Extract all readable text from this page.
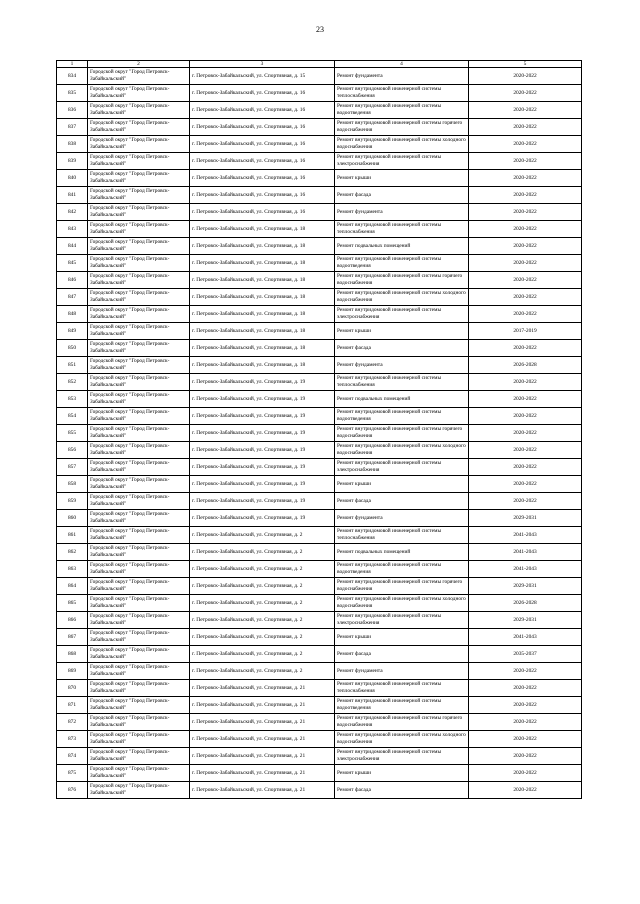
23
1	2	3	4	5
834	Городской округ "Город Петровск-Забайкальский"	г. Петровск-Забайкальский, ул. Спортивная, д. 15	Ремонт фундамента	2020-2022
835	Городской округ "Город Петровск-Забайкальский"	г. Петровск-Забайкальский, ул. Спортивная, д. 16	Ремонт внутридомовой инженерной системы теплоснабжения	2020-2022
836	Городской округ "Город Петровск-Забайкальский"	г. Петровск-Забайкальский, ул. Спортивная, д. 16	Ремонт внутридомовой инженерной системы водоотведения	2020-2022
837	Городской округ "Город Петровск-Забайкальский"	г. Петровск-Забайкальский, ул. Спортивная, д. 16	Ремонт внутридомовой инженерной системы горячего водоснабжения	2020-2022
838	Городской округ "Город Петровск-Забайкальский"	г. Петровск-Забайкальский, ул. Спортивная, д. 16	Ремонт внутридомовой инженерной системы холодного водоснабжения	2020-2022
839	Городской округ "Город Петровск-Забайкальский"	г. Петровск-Забайкальский, ул. Спортивная, д. 16	Ремонт внутридомовой инженерной системы электроснабжения	2020-2022
840	Городской округ "Город Петровск-Забайкальский"	г. Петровск-Забайкальский, ул. Спортивная, д. 16	Ремонт крыши	2020-2022
841	Городской округ "Город Петровск-Забайкальский"	г. Петровск-Забайкальский, ул. Спортивная, д. 16	Ремонт фасада	2020-2022
842	Городской округ "Город Петровск-Забайкальский"	г. Петровск-Забайкальский, ул. Спортивная, д. 16	Ремонт фундамента	2020-2022
843	Городской округ "Город Петровск-Забайкальский"	г. Петровск-Забайкальский, ул. Спортивная, д. 18	Ремонт внутридомовой инженерной системы теплоснабжения	2020-2022
844	Городской округ "Город Петровск-Забайкальский"	г. Петровск-Забайкальский, ул. Спортивная, д. 18	Ремонт подвальных помещений	2020-2022
845	Городской округ "Город Петровск-Забайкальский"	г. Петровск-Забайкальский, ул. Спортивная, д. 18	Ремонт внутридомовой инженерной системы водоотведения	2020-2022
846	Городской округ "Город Петровск-Забайкальский"	г. Петровск-Забайкальский, ул. Спортивная, д. 18	Ремонт внутридомовой инженерной системы горячего водоснабжения	2020-2022
847	Городской округ "Город Петровск-Забайкальский"	г. Петровск-Забайкальский, ул. Спортивная, д. 18	Ремонт внутридомовой инженерной системы холодного водоснабжения	2020-2022
848	Городской округ "Город Петровск-Забайкальский"	г. Петровск-Забайкальский, ул. Спортивная, д. 18	Ремонт внутридомовой инженерной системы электроснабжения	2020-2022
849	Городской округ "Город Петровск-Забайкальский"	г. Петровск-Забайкальский, ул. Спортивная, д. 18	Ремонт крыши	2017-2019
850	Городской округ "Город Петровск-Забайкальский"	г. Петровск-Забайкальский, ул. Спортивная, д. 18	Ремонт фасада	2020-2022
851	Городской округ "Город Петровск-Забайкальский"	г. Петровск-Забайкальский, ул. Спортивная, д. 18	Ремонт фундамента	2026-2028
852	Городской округ "Город Петровск-Забайкальский"	г. Петровск-Забайкальский, ул. Спортивная, д. 19	Ремонт внутридомовой инженерной системы теплоснабжения	2020-2022
853	Городской округ "Город Петровск-Забайкальский"	г. Петровск-Забайкальский, ул. Спортивная, д. 19	Ремонт подвальных помещений	2020-2022
854	Городской округ "Город Петровск-Забайкальский"	г. Петровск-Забайкальский, ул. Спортивная, д. 19	Ремонт внутридомовой инженерной системы водоотведения	2020-2022
855	Городской округ "Город Петровск-Забайкальский"	г. Петровск-Забайкальский, ул. Спортивная, д. 19	Ремонт внутридомовой инженерной системы горячего водоснабжения	2020-2022
856	Городской округ "Город Петровск-Забайкальский"	г. Петровск-Забайкальский, ул. Спортивная, д. 19	Ремонт внутридомовой инженерной системы холодного водоснабжения	2020-2022
857	Городской округ "Город Петровск-Забайкальский"	г. Петровск-Забайкальский, ул. Спортивная, д. 19	Ремонт внутридомовой инженерной системы электроснабжения	2020-2022
858	Городской округ "Город Петровск-Забайкальский"	г. Петровск-Забайкальский, ул. Спортивная, д. 19	Ремонт крыши	2020-2022
859	Городской округ "Город Петровск-Забайкальский"	г. Петровск-Забайкальский, ул. Спортивная, д. 19	Ремонт фасада	2020-2022
860	Городской округ "Город Петровск-Забайкальский"	г. Петровск-Забайкальский, ул. Спортивная, д. 19	Ремонт фундамента	2029-2031
861	Городской округ "Город Петровск-Забайкальский"	г. Петровск-Забайкальский, ул. Спортивная, д. 2	Ремонт внутридомовой инженерной системы теплоснабжения	2041-2043
862	Городской округ "Город Петровск-Забайкальский"	г. Петровск-Забайкальский, ул. Спортивная, д. 2	Ремонт подвальных помещений	2041-2043
863	Городской округ "Город Петровск-Забайкальский"	г. Петровск-Забайкальский, ул. Спортивная, д. 2	Ремонт внутридомовой инженерной системы водоотведения	2041-2043
864	Городской округ "Город Петровск-Забайкальский"	г. Петровск-Забайкальский, ул. Спортивная, д. 2	Ремонт внутридомовой инженерной системы горячего водоснабжения	2029-2031
865	Городской округ "Город Петровск-Забайкальский"	г. Петровск-Забайкальский, ул. Спортивная, д. 2	Ремонт внутридомовой инженерной системы холодного водоснабжения	2026-2028
866	Городской округ "Город Петровск-Забайкальский"	г. Петровск-Забайкальский, ул. Спортивная, д. 2	Ремонт внутридомовой инженерной системы электроснабжения	2029-2031
867	Городской округ "Город Петровск-Забайкальский"	г. Петровск-Забайкальский, ул. Спортивная, д. 2	Ремонт крыши	2041-2043
868	Городской округ "Город Петровск-Забайкальский"	г. Петровск-Забайкальский, ул. Спортивная, д. 2	Ремонт фасада	2035-2037
869	Городской округ "Город Петровск-Забайкальский"	г. Петровск-Забайкальский, ул. Спортивная, д. 2	Ремонт фундамента	2020-2022
870	Городской округ "Город Петровск-Забайкальский"	г. Петровск-Забайкальский, ул. Спортивная, д. 21	Ремонт внутридомовой инженерной системы теплоснабжения	2020-2022
871	Городской округ "Город Петровск-Забайкальский"	г. Петровск-Забайкальский, ул. Спортивная, д. 21	Ремонт внутридомовой инженерной системы водоотведения	2020-2022
872	Городской округ "Город Петровск-Забайкальский"	г. Петровск-Забайкальский, ул. Спортивная, д. 21	Ремонт внутридомовой инженерной системы горячего водоснабжения	2020-2022
873	Городской округ "Город Петровск-Забайкальский"	г. Петровск-Забайкальский, ул. Спортивная, д. 21	Ремонт внутридомовой инженерной системы холодного водоснабжения	2020-2022
874	Городской округ "Город Петровск-Забайкальский"	г. Петровск-Забайкальский, ул. Спортивная, д. 21	Ремонт внутридомовой инженерной системы электроснабжения	2020-2022
875	Городской округ "Город Петровск-Забайкальский"	г. Петровск-Забайкальский, ул. Спортивная, д. 21	Ремонт крыши	2020-2022
876	Городской округ "Город Петровск-Забайкальский"	г. Петровск-Забайкальский, ул. Спортивная, д. 21	Ремонт фасада	2020-2022
